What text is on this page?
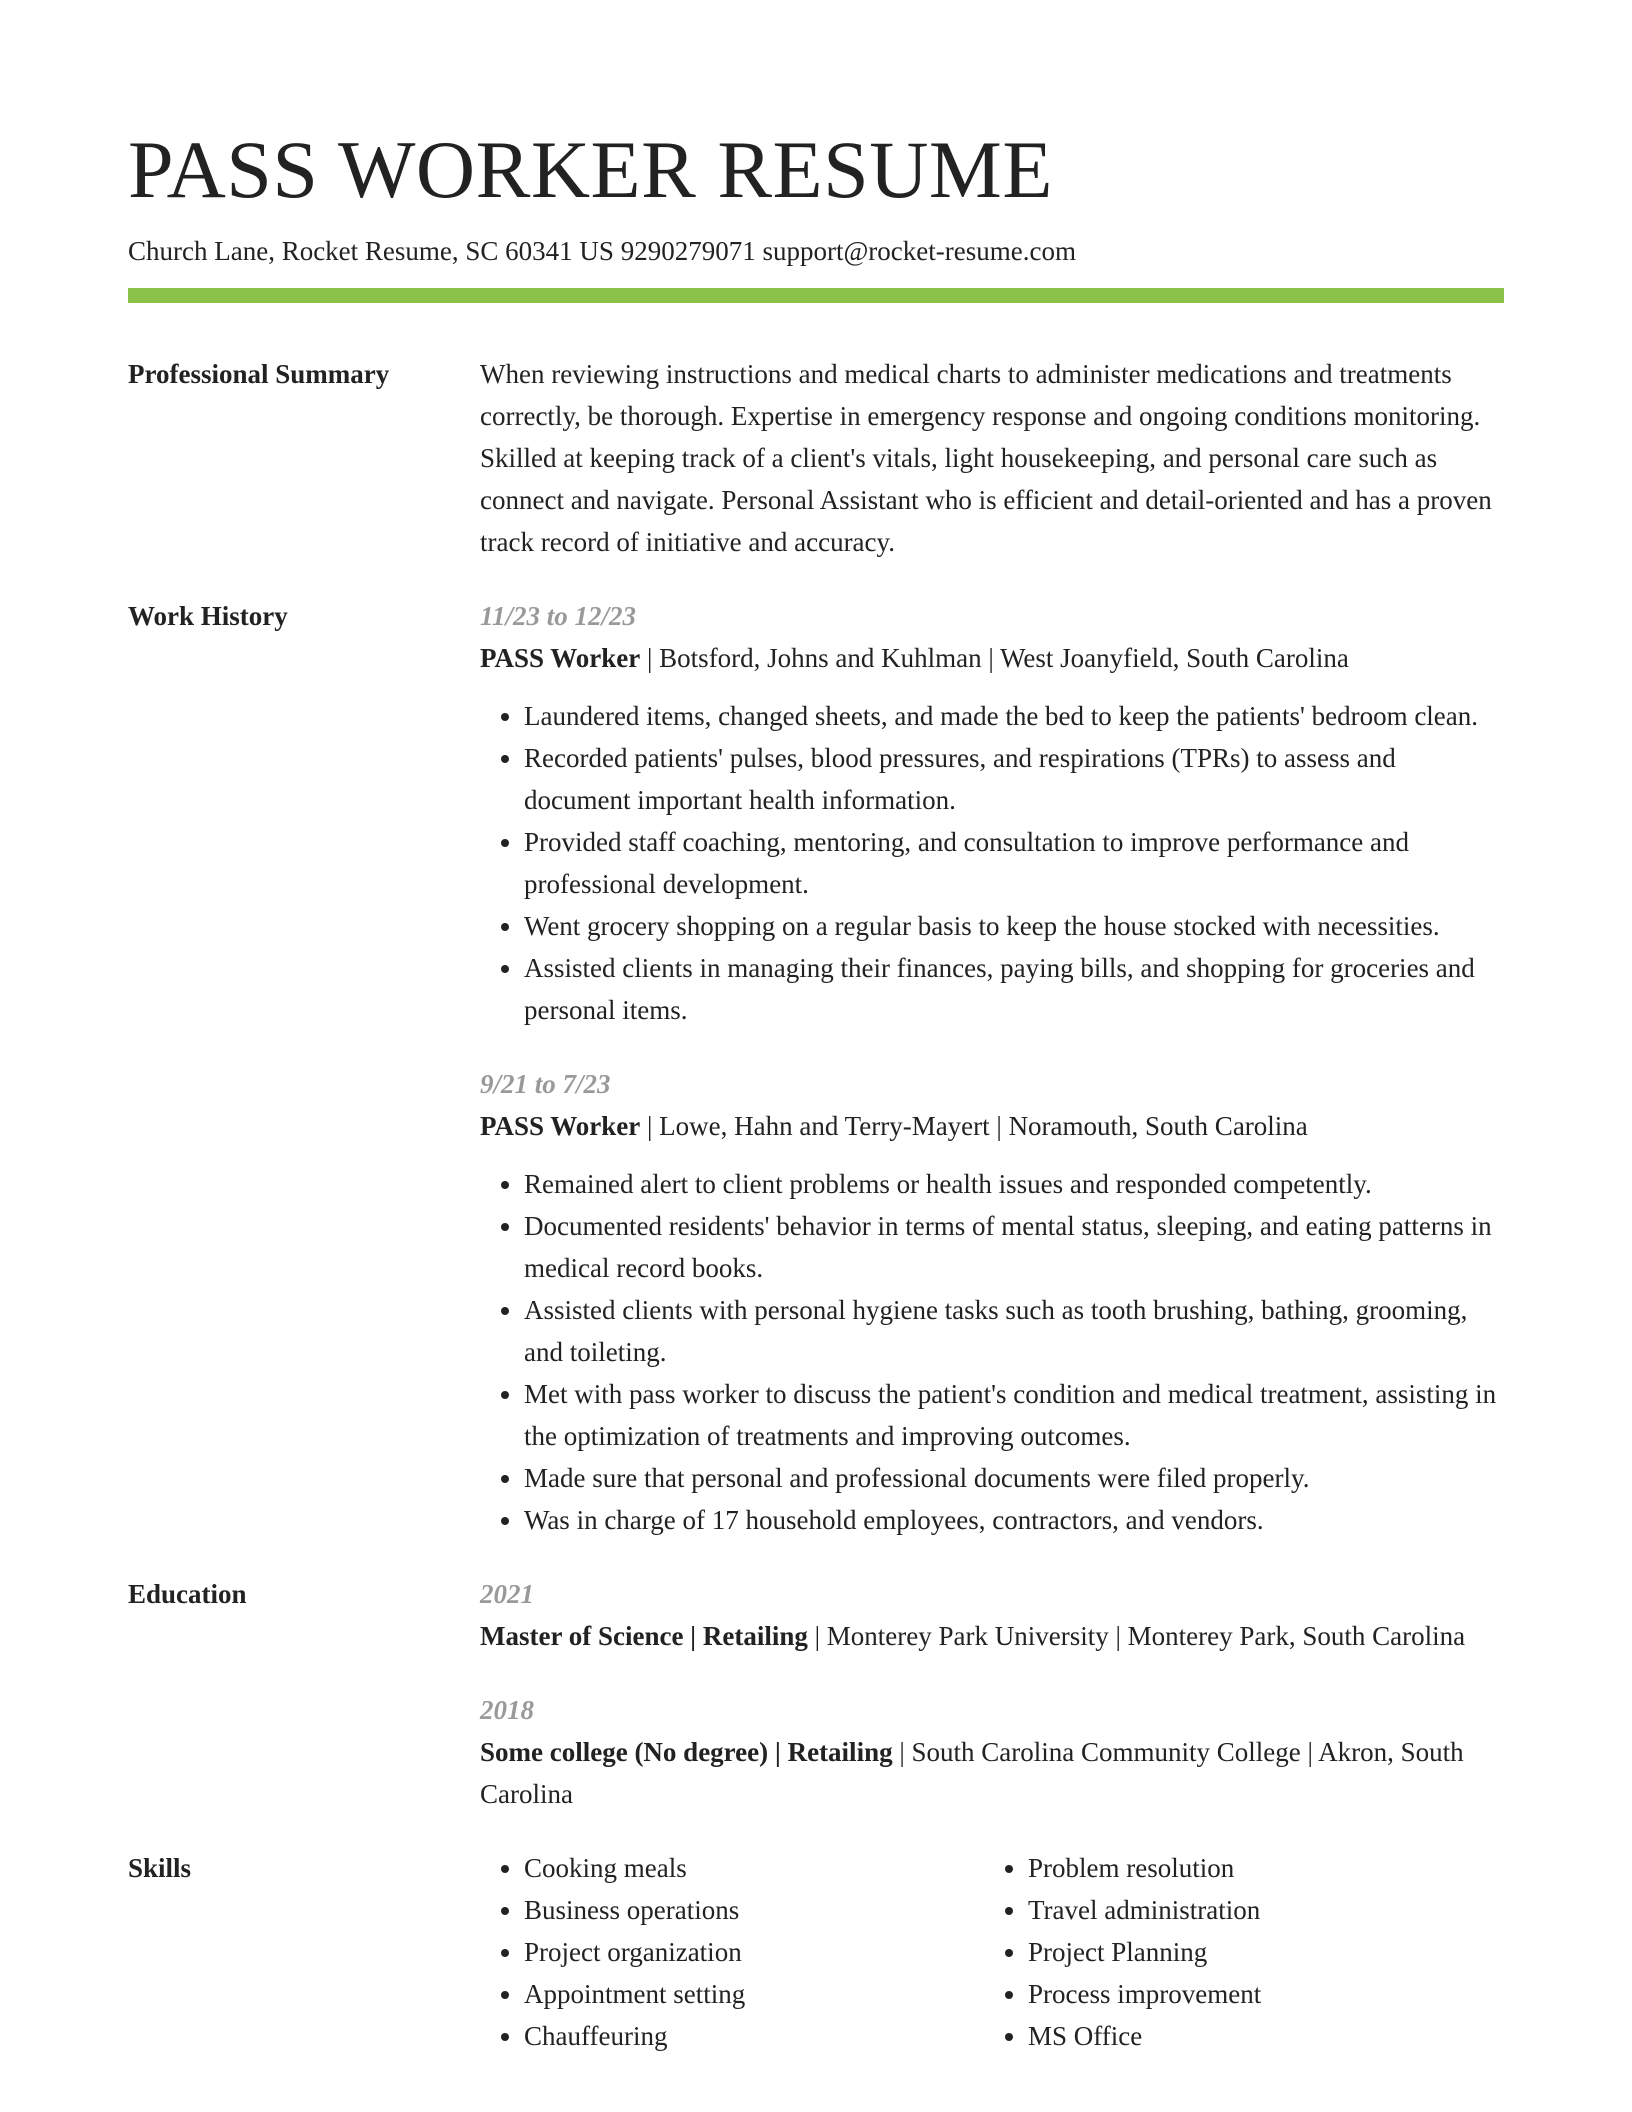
PASS WORKER RESUME
Church Lane, Rocket Resume, SC 60341 US 9290279071 support@rocket-resume.com
Professional Summary	When reviewing instructions and medical charts to administer medications and treatments correctly, be thorough. Expertise in emergency response and ongoing conditions monitoring. Skilled at keeping track of a client's vitals, light housekeeping, and personal care such as connect and navigate. Personal Assistant who is efficient and detail-oriented and has a proven track record of initiative and accuracy.
Work History	11/23 to 12/23
PASS Worker | Botsford, Johns and Kuhlman | West Joanyfield, South Carolina
• Laundered items, changed sheets, and made the bed to keep the patients' bedroom clean.
• Recorded patients' pulses, blood pressures, and respirations (TPRs) to assess and document important health information.
• Provided staff coaching, mentoring, and consultation to improve performance and professional development.
• Went grocery shopping on a regular basis to keep the house stocked with necessities.
• Assisted clients in managing their finances, paying bills, and shopping for groceries and personal items.
9/21 to 7/23
PASS Worker | Lowe, Hahn and Terry-Mayert | Noramouth, South Carolina
• Remained alert to client problems or health issues and responded competently.
• Documented residents' behavior in terms of mental status, sleeping, and eating patterns in medical record books.
• Assisted clients with personal hygiene tasks such as tooth brushing, bathing, grooming, and toileting.
• Met with pass worker to discuss the patient's condition and medical treatment, assisting in the optimization of treatments and improving outcomes.
• Made sure that personal and professional documents were filed properly.
• Was in charge of 17 household employees, contractors, and vendors.
Education	2021
Master of Science | Retailing | Monterey Park University | Monterey Park, South Carolina
2018
Some college (No degree) | Retailing | South Carolina Community College | Akron, South Carolina
Skills
•	Cooking meals
• Business operations
• Project organization
• Appointment setting
• Chauffeuring
• Problem resolution
• Travel administration
• Project Planning
• Process improvement
• MS Office
